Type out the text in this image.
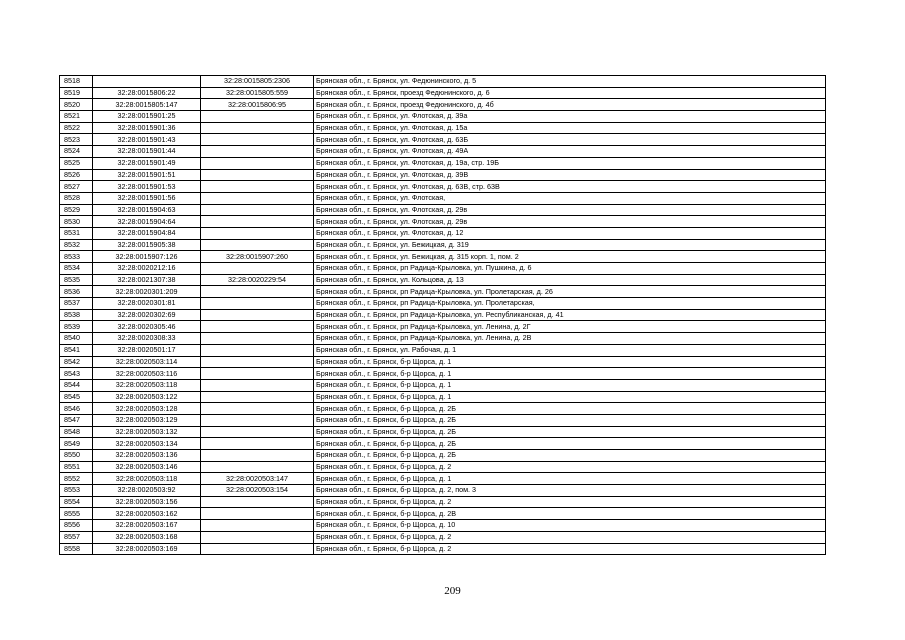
8518		32:28:0015805:2306	Брянская обл., г. Брянск, ул. Федюнинского, д. 5
8519	32:28:0015806:22	32:28:0015805:559	Брянская обл., г. Брянск, проезд Федюнинского, д. 6
8520	32:28:0015805:147	32:28:0015806:95	Брянская обл., г. Брянск, проезд Федюнинского, д. 4б
8521	32:28:0015901:25		Брянская обл., г. Брянск, ул. Флотская, д. 39а
8522	32:28:0015901:36		Брянская обл., г. Брянск, ул. Флотская, д. 15а
8523	32:28:0015901:43		Брянская обл., г. Брянск, ул. Флотская, д. 63Б
8524	32:28:0015901:44		Брянская обл., г. Брянск, ул. Флотская, д. 49А
8525	32:28:0015901:49		Брянская обл., г. Брянск, ул. Флотская, д. 19а, стр. 19Б
8526	32:28:0015901:51		Брянская обл., г. Брянск, ул. Флотская, д. 39В
8527	32:28:0015901:53		Брянская обл., г. Брянск, ул. Флотская, д. 63В, стр. 63В
8528	32:28:0015901:56		Брянская обл., г. Брянск, ул. Флотская,
8529	32:28:0015904:63		Брянская обл., г. Брянск, ул. Флотская, д. 29в
8530	32:28:0015904:64		Брянская обл., г. Брянск, ул. Флотская, д. 29в
8531	32:28:0015904:84		Брянская обл., г. Брянск, ул. Флотская, д. 12
8532	32:28:0015905:38		Брянская обл., г. Брянск, ул. Бежицкая, д. 319
8533	32:28:0015907:126	32:28:0015907:260	Брянская обл., г. Брянск, ул. Бежицкая, д. 315 корп. 1, пом. 2
8534	32:28:0020212:16		Брянская обл., г. Брянск, рп Радица-Крыловка, ул. Пушкина, д. 6
8535	32:28:0021307:38	32:28:0020229:54	Брянская обл., г. Брянск, ул. Кольцова, д. 13
8536	32:28:0020301:209		Брянская обл., г. Брянск, рп Радица-Крыловка, ул. Пролетарская, д. 26
8537	32:28:0020301:81		Брянская обл., г. Брянск, рп Радица-Крыловка, ул. Пролетарская,
8538	32:28:0020302:69		Брянская обл., г. Брянск, рп Радица-Крыловка, ул. Республиканская, д. 41
8539	32:28:0020305:46		Брянская обл., г. Брянск, рп Радица-Крыловка, ул. Ленина, д. 2Г
8540	32:28:0020308:33		Брянская обл., г. Брянск, рп Радица-Крыловка, ул. Ленина, д. 2В
8541	32:28:0020501:17		Брянская обл., г. Брянск, ул. Рабочая, д. 1
8542	32:28:0020503:114		Брянская обл., г. Брянск, б-р Щорса, д. 1
8543	32:28:0020503:116		Брянская обл., г. Брянск, б-р Щорса, д. 1
8544	32:28:0020503:118		Брянская обл., г. Брянск, б-р Щорса, д. 1
8545	32:28:0020503:122		Брянская обл., г. Брянск, б-р Щорса, д. 1
8546	32:28:0020503:128		Брянская обл., г. Брянск, б-р Щорса, д. 2Б
8547	32:28:0020503:129		Брянская обл., г. Брянск, б-р Щорса, д. 2Б
8548	32:28:0020503:132		Брянская обл., г. Брянск, б-р Щорса, д. 2Б
8549	32:28:0020503:134		Брянская обл., г. Брянск, б-р Щорса, д. 2Б
8550	32:28:0020503:136		Брянская обл., г. Брянск, б-р Щорса, д. 2Б
8551	32:28:0020503:146		Брянская обл., г. Брянск, б-р Щорса, д. 2
8552	32:28:0020503:118	32:28:0020503:147	Брянская обл., г. Брянск, б-р Щорса, д. 1
8553	32:28:0020503:92	32:28:0020503:154	Брянская обл., г. Брянск, б-р Щорса, д. 2, пом. 3
8554	32:28:0020503:156		Брянская обл., г. Брянск, б-р Щорса, д. 2
8555	32:28:0020503:162		Брянская обл., г. Брянск, б-р Щорса, д. 2В
8556	32:28:0020503:167		Брянская обл., г. Брянск, б-р Щорса, д. 10
8557	32:28:0020503:168		Брянская обл., г. Брянск, б-р Щорса, д. 2
8558	32:28:0020503:169		Брянская обл., г. Брянск, б-р Щорса, д. 2
209
